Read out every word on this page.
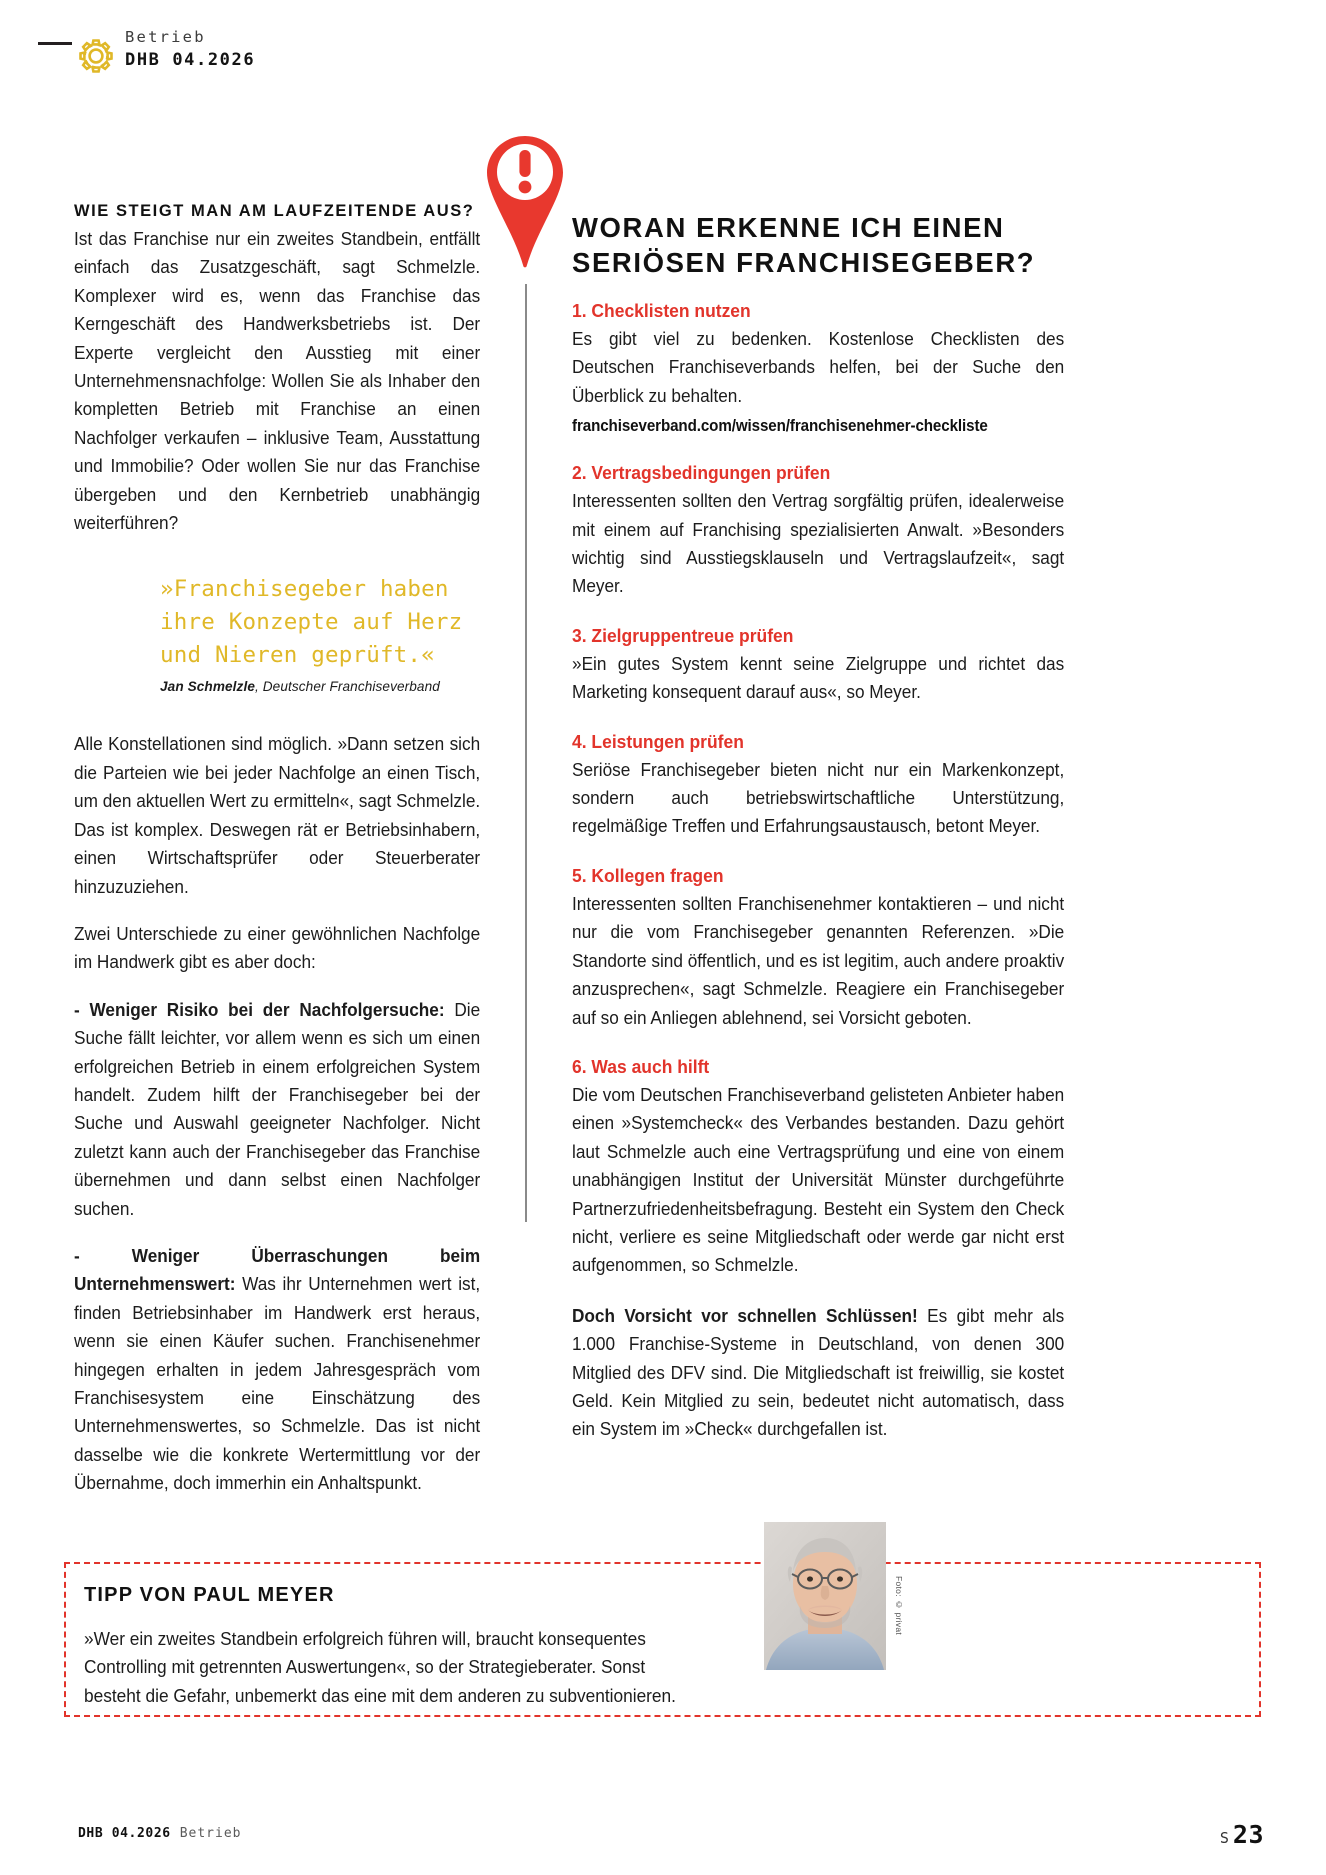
Betrieb
DHB 04.2026
WIE STEIGT MAN AM LAUFZEITENDE AUS?

Ist das Franchise nur ein zweites Standbein, entfällt einfach das Zusatzgeschäft, sagt Schmelzle. Komplexer wird es, wenn das Franchise das Kerngeschäft des Handwerksbetriebs ist. Der Experte vergleicht den Ausstieg mit einer Unternehmensnachfolge: Wollen Sie als Inhaber den kompletten Betrieb mit Franchise an einen Nachfolger verkaufen – inklusive Team, Ausstattung und Immobilie? Oder wollen Sie nur das Franchise übergeben und den Kernbetrieb unabhängig weiterführen?

»Franchisegeber haben ihre Konzepte auf Herz und Nieren geprüft.«
Jan Schmelzle, Deutscher Franchiseverband

Alle Konstellationen sind möglich. »Dann setzen sich die Parteien wie bei jeder Nachfolge an einen Tisch, um den aktuellen Wert zu ermitteln«, sagt Schmelzle. Das ist komplex. Deswegen rät er Betriebsinhabern, einen Wirtschaftsprüfer oder Steuerberater hinzuzuziehen.

Zwei Unterschiede zu einer gewöhnlichen Nachfolge im Handwerk gibt es aber doch:

- Weniger Risiko bei der Nachfolgersuche: Die Suche fällt leichter, vor allem wenn es sich um einen erfolgreichen Betrieb in einem erfolgreichen System handelt. Zudem hilft der Franchisegeber bei der Suche und Auswahl geeigneter Nachfolger. Nicht zuletzt kann auch der Franchisegeber das Franchise übernehmen und dann selbst einen Nachfolger suchen.

- Weniger Überraschungen beim Unternehmenswert: Was ihr Unternehmen wert ist, finden Betriebsinhaber im Handwerk erst heraus, wenn sie einen Käufer suchen. Franchisenehmer hingegen erhalten in jedem Jahresgespräch vom Franchisesystem eine Einschätzung des Unternehmenswertes, so Schmelzle. Das ist nicht dasselbe wie die konkrete Wertermittlung vor der Übernahme, doch immerhin ein Anhaltspunkt.

WORAN ERKENNE ICH EINEN SERIÖSEN FRANCHISEGEBER?
1. Checklisten nutzen

Es gibt viel zu bedenken. Kostenlose Checklisten des Deutschen Franchiseverbands helfen, bei der Suche den Überblick zu behalten.

franchiseverband.com/wissen/franchisenehmer-checkliste

2. Vertragsbedingungen prüfen

Interessenten sollten den Vertrag sorgfältig prüfen, idealerweise mit einem auf Franchising spezialisierten Anwalt. »Besonders wichtig sind Ausstiegsklauseln und Vertragslaufzeit«, sagt Meyer.

3. Zielgruppentreue prüfen

»Ein gutes System kennt seine Zielgruppe und richtet das Marketing konsequent darauf aus«, so Meyer.

4. Leistungen prüfen

Seriöse Franchisegeber bieten nicht nur ein Markenkonzept, sondern auch betriebswirtschaftliche Unterstützung, regelmäßige Treffen und Erfahrungsaustausch, betont Meyer.

5. Kollegen fragen

Interessenten sollten Franchisenehmer kontaktieren – und nicht nur die vom Franchisegeber genannten Referenzen. »Die Standorte sind öffentlich, und es ist legitim, auch andere proaktiv anzusprechen«, sagt Schmelzle. Reagiere ein Franchisegeber auf so ein Anliegen ablehnend, sei Vorsicht geboten.

6. Was auch hilft

Die vom Deutschen Franchiseverband gelisteten Anbieter haben einen »Systemcheck« des Verbandes bestanden. Dazu gehört laut Schmelzle auch eine Vertragsprüfung und eine von einem unabhängigen Institut der Universität Münster durchgeführte Partnerzufriedenheitsbefragung. Besteht ein System den Check nicht, verliere es seine Mitgliedschaft oder werde gar nicht erst aufgenommen, so Schmelzle.

Doch Vorsicht vor schnellen Schlüssen! Es gibt mehr als 1.000 Franchise-Systeme in Deutschland, von denen 300 Mitglied des DFV sind. Die Mitgliedschaft ist freiwillig, sie kostet Geld. Kein Mitglied zu sein, bedeutet nicht automatisch, dass ein System im »Check« durchgefallen ist.

TIPP VON PAUL MEYER
»Wer ein zweites Standbein erfolgreich führen will, braucht konsequentes Controlling mit getrennten Auswertungen«, so der Strategieberater. Sonst besteht die Gefahr, unbemerkt das eine mit dem anderen zu subventionieren.
Foto: © privat
DHB 04.2026 Betrieb	S 23
